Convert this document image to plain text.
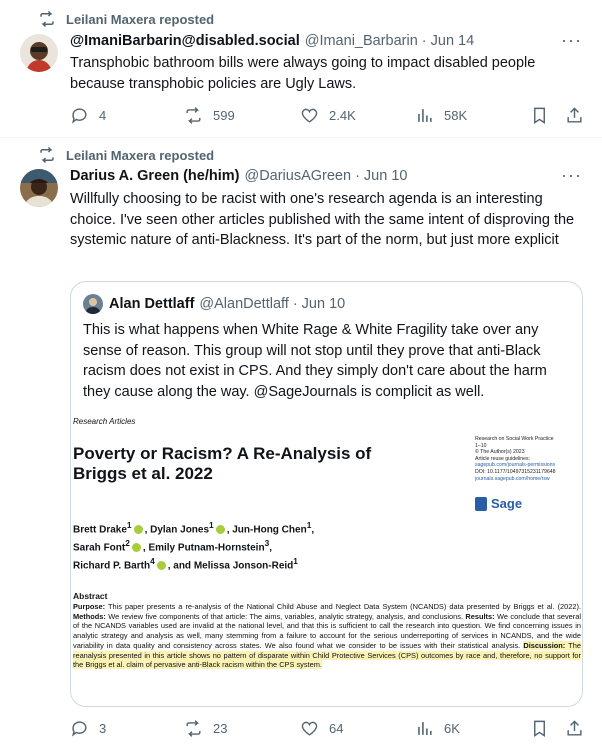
Leilani Maxera reposted
@ImaniBarbarin@disabled.social @Imani_Barbarin · Jun 14	···
Transphobic bathroom bills were always going to impact disabled people because transphobic policies are Ugly Laws.
4	599	2.4K	58K
Leilani Maxera reposted
Darius A. Green (he/him) @DariusAGreen · Jun 10	···
Willfully choosing to be racist with one's research agenda is an interesting choice. I've seen other articles published with the same intent of disproving the systemic nature of anti-Blackness. It's part of the norm, but just more explicit
Alan Dettlaff @AlanDettlaff · Jun 10
This is what happens when White Rage & White Fragility take over any sense of reason. This group will not stop until they prove that anti-Black racism does not exist in CPS. And they simply don't care about the harm they cause along the way. @SageJournals is complicit as well.
Research Articles
Poverty or Racism? A Re-Analysis of Briggs et al. 2022
Research on Social Work Practice
1–10
© The Author(s) 2023
Article reuse guidelines:
sagepub.com/journals-permissions
DOI: 10.1177/10497315231179648
journals.sagepub.com/home/rsw
Sage
Brett Drake$^1$ , Dylan Jones$^1$ , Jun-Hong Chen$^1$,
Sarah Font$^2$ , Emily Putnam-Hornstein$^3$,
Richard P. Barth$^4$ , and Melissa Jonson-Reid$^1$
Abstract
Purpose: This paper presents a re-analysis of the National Child Abuse and Neglect Data System (NCANDS) data presented by Briggs et al. (2022). Methods: We review five components of that article: The aims, variables, analytic strategy, analysis, and conclusions. Results: We conclude that several of the NCANDS variables used are invalid at the national level, and that this is sufficient to call the research into question. We find concerning issues in analytic strategy and analysis as well, many stemming from a failure to account for the serious underreporting of services in NCANDS, and the wide variability in data quality and consistency across states. We also found what we consider to be issues with their statistical analysis. Discussion: The reanalysis presented in this article shows no pattern of disparate within Child Protective Services (CPS) outcomes by race and, therefore, no support for the Briggs et al. claim of pervasive anti-Black racism within the CPS system.
3	23	64	6K
